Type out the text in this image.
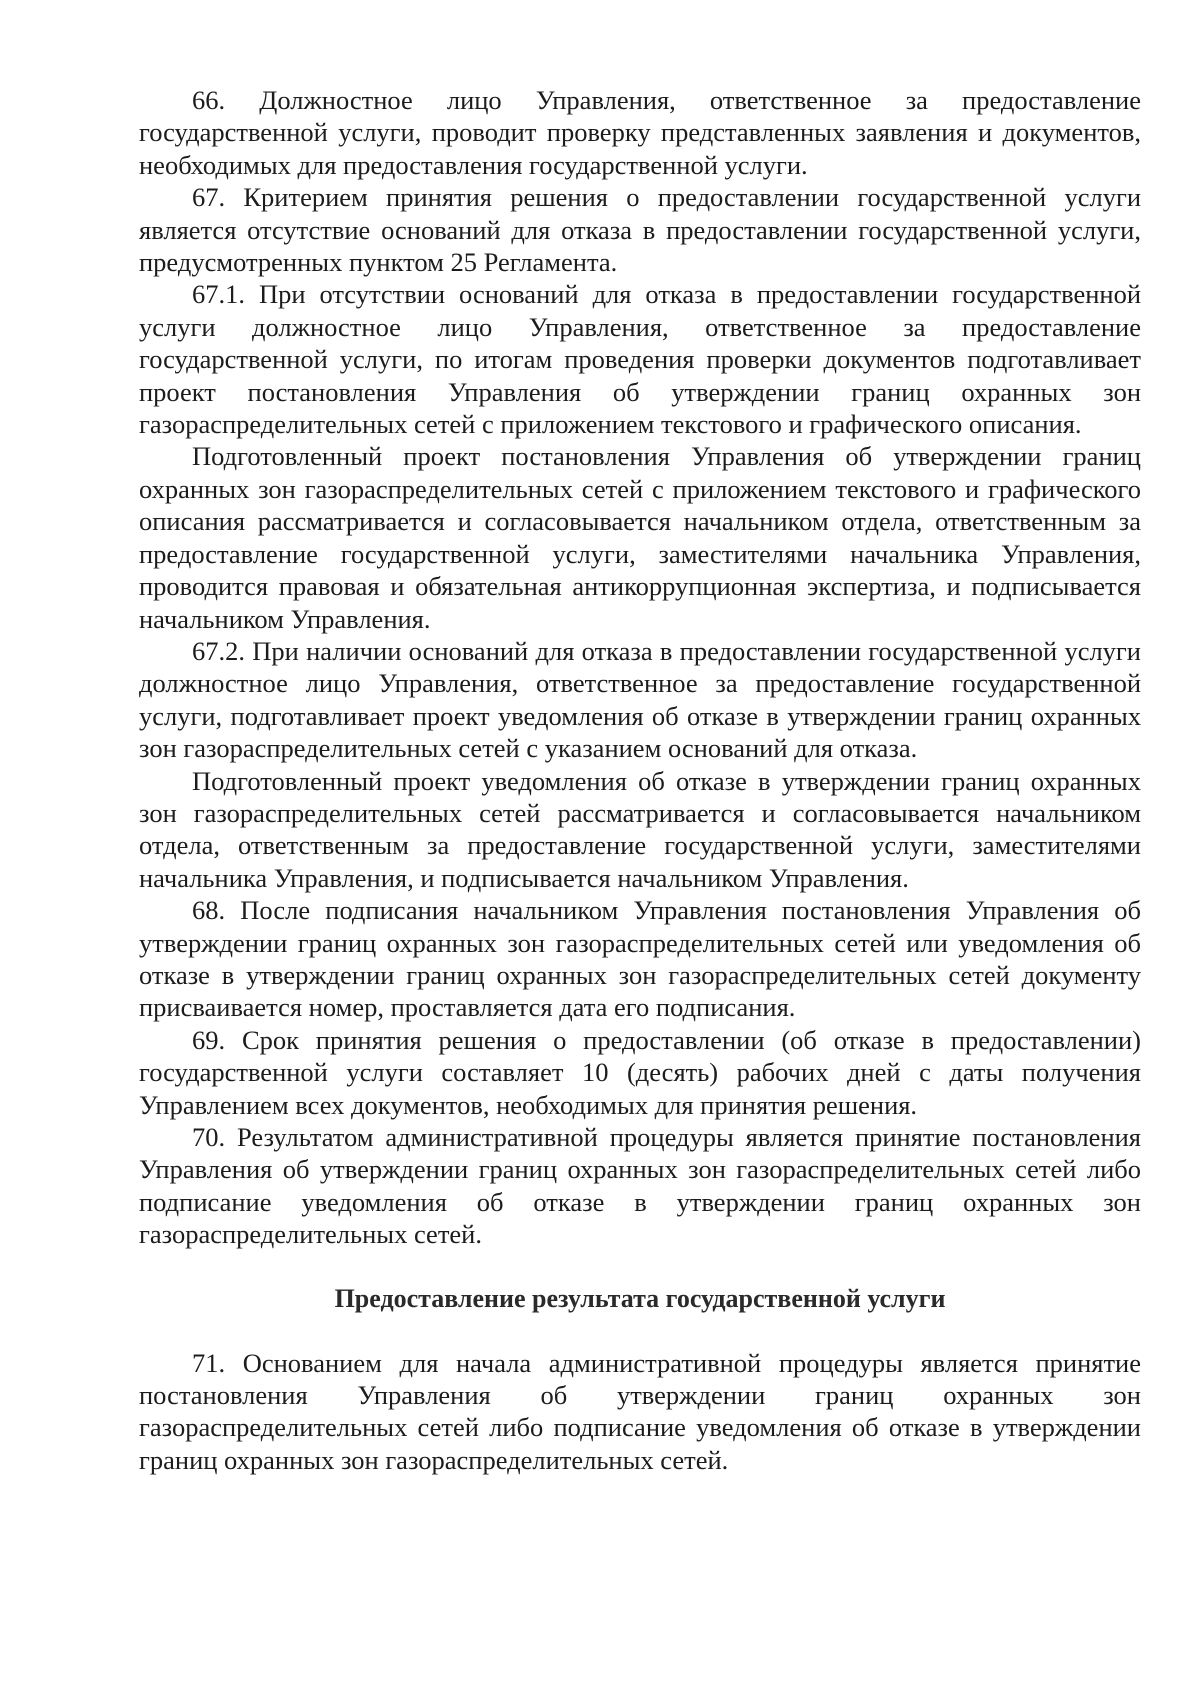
66. Должностное лицо Управления, ответственное за предоставление государственной услуги, проводит проверку представленных заявления и документов, необходимых для предоставления государственной услуги.

67. Критерием принятия решения о предоставлении государственной услуги является отсутствие оснований для отказа в предоставлении государственной услуги, предусмотренных пунктом 25 Регламента.

67.1. При отсутствии оснований для отказа в предоставлении государственной услуги должностное лицо Управления, ответственное за предоставление государственной услуги, по итогам проведения проверки документов подготавливает проект постановления Управления об утверждении границ охранных зон газораспределительных сетей с приложением текстового и графического описания.

Подготовленный проект постановления Управления об утверждении границ охранных зон газораспределительных сетей с приложением текстового и графического описания рассматривается и согласовывается начальником отдела, ответственным за предоставление государственной услуги, заместителями начальника Управления, проводится правовая и обязательная антикоррупционная экспертиза, и подписывается начальником Управления.

67.2. При наличии оснований для отказа в предоставлении государственной услуги должностное лицо Управления, ответственное за предоставление государственной услуги, подготавливает проект уведомления об отказе в утверждении границ охранных зон газораспределительных сетей с указанием оснований для отказа.

Подготовленный проект уведомления об отказе в утверждении границ охранных зон газораспределительных сетей рассматривается и согласовывается начальником отдела, ответственным за предоставление государственной услуги, заместителями начальника Управления, и подписывается начальником Управления.

68. После подписания начальником Управления постановления Управления об утверждении границ охранных зон газораспределительных сетей или уведомления об отказе в утверждении границ охранных зон газораспределительных сетей документу присваивается номер, проставляется дата его подписания.

69. Срок принятия решения о предоставлении (об отказе в предоставлении) государственной услуги составляет 10 (десять) рабочих дней с даты получения Управлением всех документов, необходимых для принятия решения.

70. Результатом административной процедуры является принятие постановления Управления об утверждении границ охранных зон газораспределительных сетей либо подписание уведомления об отказе в утверждении границ охранных зон газораспределительных сетей.

Предоставление результата государственной услуги

71. Основанием для начала административной процедуры является принятие постановления Управления об утверждении границ охранных зон газораспределительных сетей либо подписание уведомления об отказе в утверждении границ охранных зон газораспределительных сетей.
